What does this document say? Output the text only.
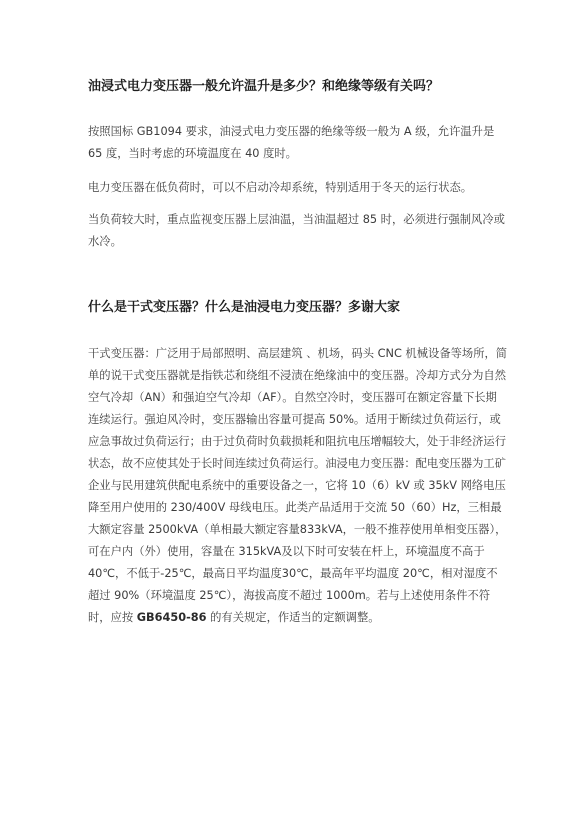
油浸式电力变压器一般允许温升是多少？和绝缘等级有关吗？

按照国标 GB1094 要求，油浸式电力变压器的绝缘等级一般为 A 级，允许温升是 65 度，当时考虑的环境温度在 40 度时。

电力变压器在低负荷时，可以不启动冷却系统，特别适用于冬天的运行状态。

当负荷较大时，重点监视变压器上层油温，当油温超过 85 时，必须进行强制风冷或水冷。

什么是干式变压器？什么是油浸电力变压器？多谢大家

干式变压器：广泛用于局部照明、高层建筑 、机场，码头 CNC 机械设备等场所，简单的说干式变压器就是指铁芯和绕组不浸渍在绝缘油中的变压器。冷却方式分为自然空气冷却（AN）和强迫空气冷却（AF）。自然空冷时，变压器可在额定容量下长期连续运行。强迫风冷时，变压器输出容量可提高 50%。适用于断续过负荷运行，或应急事故过负荷运行；由于过负荷时负载损耗和阻抗电压增幅较大，处于非经济运行状态，故不应使其处于长时间连续过负荷运行。油浸电力变压器：配电变压器为工矿企业与民用建筑供配电系统中的重要设备之一，它将 10（6）kV 或 35kV 网络电压降至用户使用的 230/400V 母线电压。此类产品适用于交流 50（60）Hz，三相最大额定容量 2500kVA（单相最大额定容量833kVA，一般不推荐使用单相变压器），可在户内（外）使用，容量在 315kVA及以下时可安装在杆上，环境温度不高于 40℃，不低于-25℃，最高日平均温度30℃，最高年平均温度 20℃，相对湿度不超过 90%（环境温度 25℃），海拔高度不超过 1000m。若与上述使用条件不符时，应按 GB6450-86 的有关规定，作适当的定额调整。
